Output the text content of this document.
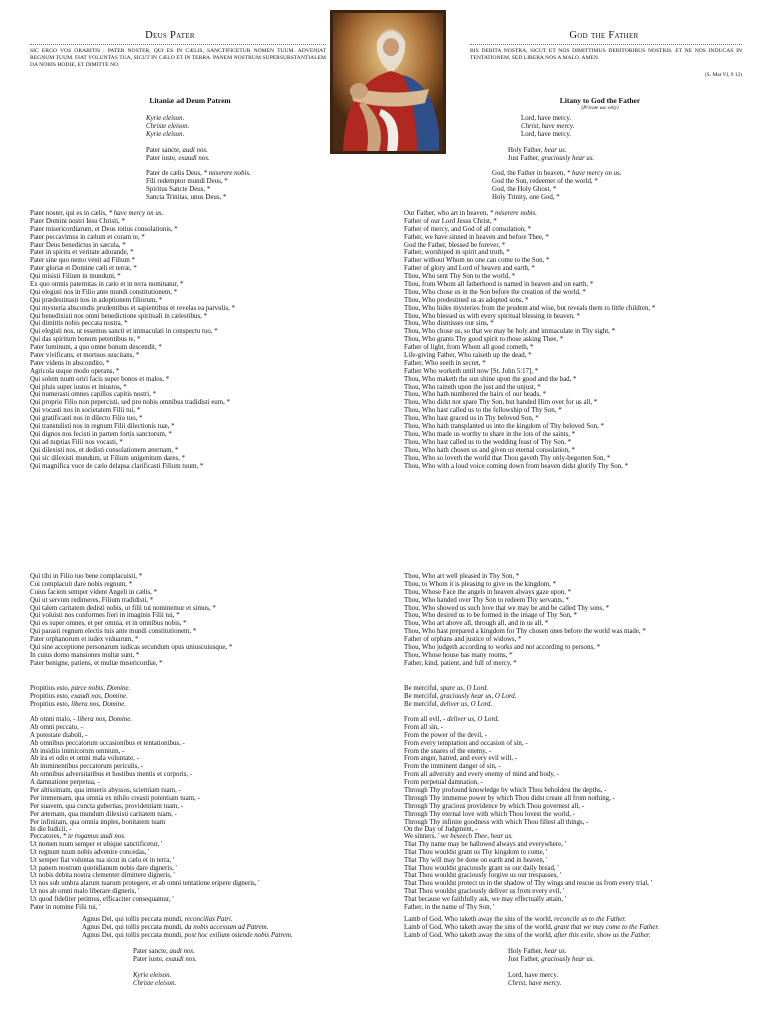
Deus Pater	God the Father
SIC ERGO VOS ORABITIS : PATER NOSTER, QUI ES IN CÆLIS, SANCTIFICETUR NOMEN TUUM. ADVENIAT REGNUM TUUM. FIAT VOLUNTAS TUA, SICUT IN CÆLO ET IN TERRA. PANEM NOSTRUM SUPERSUBSTANTIALEM DA NOBIS HODIE, ET DIMITTE NO
BIS DEBITA NOSTRA, SICUT ET NOS DIMITTIMUS DEBITORIBUS NOSTRIS. ET NE NOS INDUCAS IN TENTATIONEM, SED LIBERA NOS A MALO. AMEN.
(S. Mat VI, 9 13)
Litaniæ ad Deum Patrem	Litany to God the Father
(Private use only)
Kyrie eleison.
Christe eleison.
Kyrie eleison.
Lord, have mercy.
Christ, have mercy.
Lord, have mercy.
Pater sancte, audi nos.
Pater iuste, exaudi nos.
Holy Father, hear us.
Just Father, graciously hear us.
Pater de cælis Deus, * miserere nobis.
Fili redemptor mundi Deus, *
Spiritus Sancte Deus, *
Sancta Trinitas, unus Deus, *
God, the Father in heaven, * have mercy on us.
God the Son, redeemer of the world, *
God, the Holy Ghost, *
Holy Trinity, one God, *
Pater noster, qui es in cælis, * have mercy on us.
Pater Domini nostri Iesu Christi, *
Pater misericordiarum, et Deus totius consolationis, *
Pater peccavimus in cælum et coram te, *
Pater Deus benedictus in sæcula, *
Pater in spiritu et veritate adorande, *
Pater sine quo nemo venit ad Filium *
Pater gloriæ et Domine cæli et terræ, *
Qui misisti Filium in mundum, *
Ex quo omnis paternitas in cælo et in terra nominatur, *
Qui elegisti nos in Filio ante mundi constitutionem, *
Qui prædestinasti nos in adoptionem filiorum, *
Qui mysteria abscondis prudentibus et sapientibus et revelas ea parvulis, *
Qui benedixisti nos omni benedictione spirituali in cælestibus, *
Qui dimittis nobis peccata nostra, *
Qui elegisti nos, ut essemus sancti et immaculati in conspectu tuo, *
Qui das spiritum bonum petentibus te, *
Pater luminum, a quo omne bonum descendit, *
Pater vivificans, et mortuos suscitans, *
Pater videns in abscondito, *
Agricola usque modo operans, *
Qui solem tuum oriri facis super bonos et malos, *
Qui pluis super iustos et iniustos, *
Qui numerasti omnes capillos capitis nostri, *
Qui proprio Filio non pepercisti, sed pro nobis omnibus tradidisti eum, *
Qui vocasti nos in societatem Filii tui, *
Qui gratificasti nos in dilecto Filio tuo, *
Qui transtulisti nos in regnum Filii dilectionis tuæ, *
Qui dignos nos fecisti in partem fortis sanctorum, *
Qui ad nuptias Filii nos vocasti, *
Qui dilexisti nos, et dedisti consolationem æternam, *
Qui sic dilexisti mundum, ut Filium unigenitum dares, *
Qui magnifica voce de cælo delapsa clarificasti Filium tuum, *
Our Father, who art in heaven, * miserere nobis.
Father of our Lord Jesus Christ, *
Father of mercy, and God of all consolation, *
Father, we have sinned in heaven and before Thee, *
God the Father, blessed be forever, *
Father, worshiped in spirit and truth, *
Father without Whom no one can come to the Son, *
Father of glory and Lord of heaven and earth, *
Thou, Who sent Thy Son to the world, *
Thou, from Whom all fatherhood is named in heaven and on earth, *
Thou, Who chose us in the Son before the creation of the world, *
Thou, Who predestined us as adopted sons, *
Thou, Who hides mysteries from the prudent and wise, but reveals them to little children, *
Thou, Who blessed us with every spiritual blessing in heaven, *
Thou, Who dismisses our sins, *
Thou, Who chose us, so that we may be holy and immaculate in Thy sight, *
Thou, Who grants Thy good spirit to those asking Thee, *
Father of light, from Whom all good cometh, *
Life-giving Father, Who raiseth up the dead, *
Father, Who seeth in secret, *
Father Who worketh until now [St. John 5:17], *
Thou, Who maketh the sun shine upon the good and the bad, *
Thou, Who raineth upon the just and the unjust, *
Thou, Who hath numbered the hairs of our heads, *
Thou, Who didst not spare Thy Son, but handed Him over for us all, *
Thou, Who hast called us to the fellowship of Thy Son, *
Thou, Who hast graced us in Thy beloved Son, *
Thou, Who hath transplanted us into the kingdom of Thy beloved Son, *
Thou, Who made us worthy to share in the lots of the saints, *
Thou, Who hast called us to the wedding feast of Thy Son, *
Thou, Who hath chosen us and given us eternal consolation, *
Thou, Who so loveth the world that Thou gaveth Thy only-begotten Son, *
Thou, Who with a loud voice coming down from heaven didst glorify Thy Son, *
Qui tibi in Filio tuo bene complacuisti, *
Cui complacuit dare nobis regnum, *
Cuius faciem semper vident Angeli in cælis, *
Qui ut servum redimeres, Filium tradidisti, *
Qui talem caritatem dedisti nobis, ut filii tui nominemur et simus, *
Qui voluisti nos conformes fieri in imaginis Filii tui, *
Qui es super omnes, et per omnia, et in omnibus nobis, *
Qui parasti regnum electis tuis ante mundi constitutionem, *
Pater orphanorum et iudex viduarum, *
Qui sine acceptione personarum iudicas secundum opus uniuscuiusque, *
In cuius domo mansiones multæ sunt, *
Pater benigne, patiens, et multæ misericordiæ, *
Thou, Who art well pleased in Thy Son, *
Thou, to Whom it is pleasing to give us the kingdom, *
Thou, Whose Face the angels in heaven always gaze upon, *
Thou, Who handed over Thy Son to redeem Thy servants, *
Thou, Who showed us such love that we may be and be called Thy sons, *
Thou, Who desired us to be formed in the image of Thy Son, *
Thou, Who art above all, through all, and in us all, *
Thou, Who hast prepared a kingdom for Thy chosen ones before the world was made, *
Father of orphans and justice of widows, *
Thou, Who judgeth according to works and not according to persons, *
Thou, Whose house has many rooms, *
Father, kind, patient, and full of mercy, *
Propitius esto, parce nobis, Domine.
Propitius esto, exaudi nos, Domine.
Propitius esto, libera nos, Domine.
Be merciful, spare us, O Lord.
Be merciful, graciously hear us, O Lord.
Be merciful, deliver us, O Lord.
Ab omni malo, - libera nos, Domine.
Ab omni peccato, -
A potestate diaboli, -
Ab omnibus peccatorum occasionibus et tentationibus, -
Ab insidiis inimicorum omnium, -
Ab ira et odio et omni mala voluntate, -
Ab imminentibus peccatorum periculis, -
Ab omnibus adversitatibus et hostibus mentis et corporis, -
A damnatione perpetua, -
Per altissimam, qua intueris abyssos, scientiam tuam, -
Per immensam, qua omnia ex nihilo creasti potentiam tuam, -
Per suavem, qua cuncta gubernas, providentiam tuam, -
Per æternam, qua mundum dilexisti caritatem tuam, -
Per infinitam, qua omnia imples, bonitatem tuam
In die Iudicii, -
From all evil, - deliver us, O Lord.
From all sin, -
From the power of the devil, -
From every temptation and occasion of sin, -
From the snares of the enemy, -
From anger, hatred, and every evil will, -
From the imminent danger of sin, -
From all adversity and every enemy of mind and body, -
From perpetual damnation, -
Through Thy profound knowledge by which Thou beholdest the depths, -
Through Thy immense power by which Thou didst create all from nothing, -
Through Thy gracious providence by which Thou governest all, -
Through Thy eternal love with which Thou lovest the world, -
Through Thy infinite goodness with which Thou fillest all things, -
On the Day of Judgment, -
Peccatores, * te rogamus audi nos.
Ut nomen tuum semper et ubique sanctificetur, '
Ut regnum tuum nobis advenire concedas, '
Ut semper fiat voluntas tua sicut in cælo et in terra, '
Ut panem nostrum quotidianum nobis dare digneris, '
Ut nobis debita nostra clementer dimittere digneris, '
Ut nos sub umbra alarum tuarum protegere, et ab omni tentatione eripere digneris, '
Ut nos ab omni malo liberare digneris, '
Ut quod fideliter petimus, efficaciter consequamur, '
Pater in nomine Filii tui, '
We sinners, ' we beseech Thee, hear us.
That Thy name may be hallowed always and everywhere, '
That Thou wouldst grant us Thy kingdom to come, '
That Thy will may be done on earth and in heaven, '
That Thou wouldst graciously grant us our daily bread, '
That Thou wouldst graciously forgive us our trespasses, '
That Thou wouldst protect us in the shadow of Thy wings and rescue us from every trial, '
That Thou wouldst graciously deliver us from every evil, '
That because we faithfully ask, we may effectually attain, '
Father, in the name of Thy Son, '
Agnus Dei, qui tollis peccata mundi, reconcilias Patri.
Agnus Dei, qui tollis peccata mundi, da nobis accessum ad Patrem.
Agnus Dei, qui tollis peccata mundi, post hoc exilium ostende nobis Patrem.
Lamb of God, Who taketh away the sins of the world, reconcile us to the Father.
Lamb of God, Who taketh away the sins of the world, grant that we may come to the Father.
Lamb of God, Who taketh away the sins of the world, after this exile, show us the Father.
Pater sancte, audi nos.
Pater iuste, exaudi nos.
Kyrie eleison.
Christe eleison.
Holy Father, hear us.
Just Father, graciously hear us.
Lord, have mercy.
Christ, have mercy.
